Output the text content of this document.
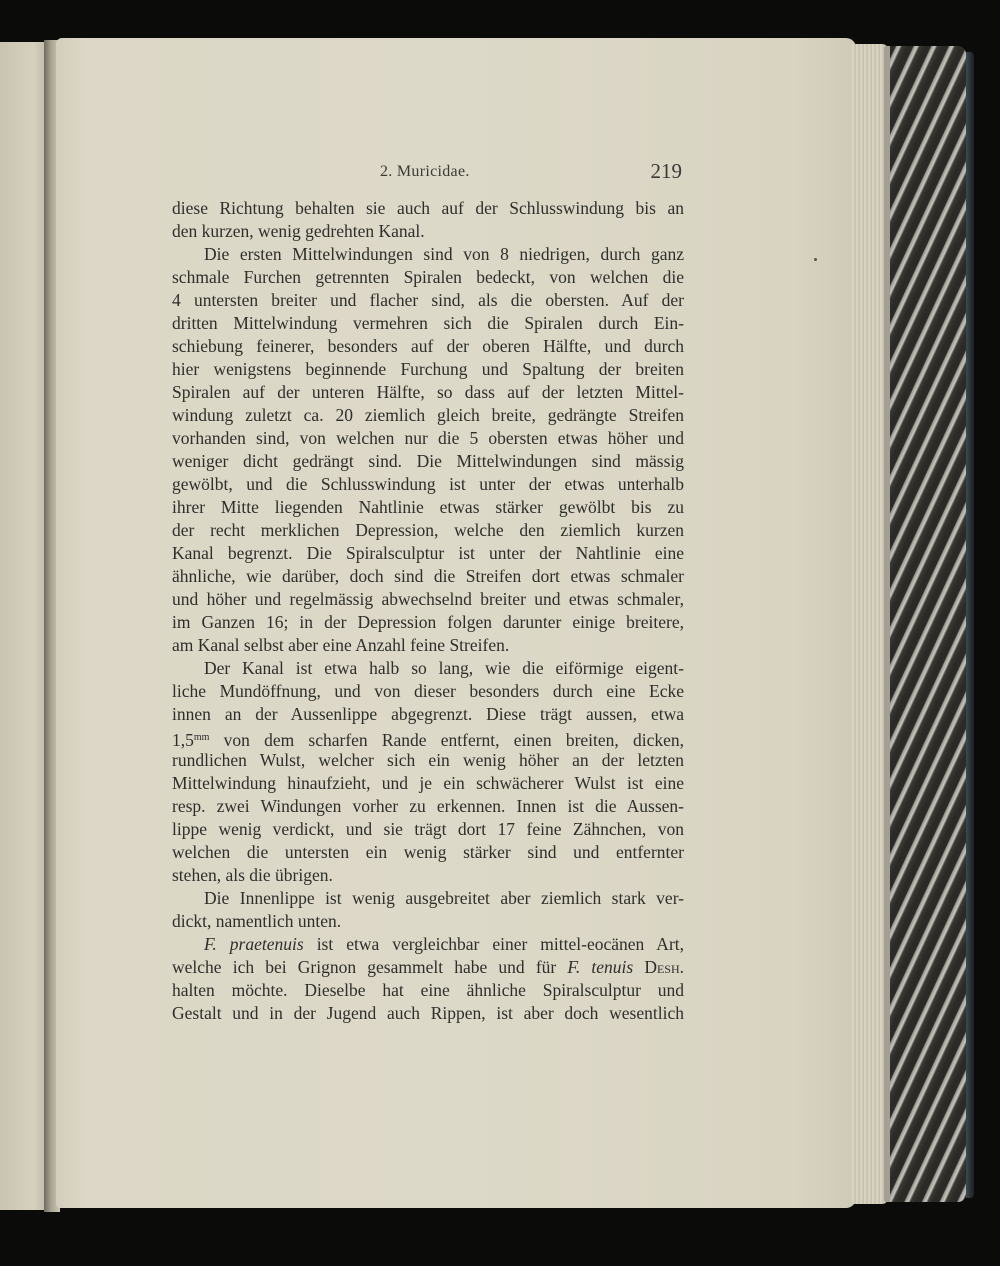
2. Muricidae.	219
diese Richtung behalten sie auch auf der Schlusswindung bis an
den kurzen, wenig gedrehten Kanal.
Die ersten Mittelwindungen sind von 8 niedrigen, durch ganz
schmale Furchen getrennten Spiralen bedeckt, von welchen die
4 untersten breiter und flacher sind, als die obersten. Auf der
dritten Mittelwindung vermehren sich die Spiralen durch Ein-
schiebung feinerer, besonders auf der oberen Hälfte, und durch
hier wenigstens beginnende Furchung und Spaltung der breiten
Spiralen auf der unteren Hälfte, so dass auf der letzten Mittel-
windung zuletzt ca. 20 ziemlich gleich breite, gedrängte Streifen
vorhanden sind, von welchen nur die 5 obersten etwas höher und
weniger dicht gedrängt sind. Die Mittelwindungen sind mässig
gewölbt, und die Schlusswindung ist unter der etwas unterhalb
ihrer Mitte liegenden Nahtlinie etwas stärker gewölbt bis zu
der recht merklichen Depression, welche den ziemlich kurzen
Kanal begrenzt. Die Spiralsculptur ist unter der Nahtlinie eine
ähnliche, wie darüber, doch sind die Streifen dort etwas schmaler
und höher und regelmässig abwechselnd breiter und etwas schmaler,
im Ganzen 16; in der Depression folgen darunter einige breitere,
am Kanal selbst aber eine Anzahl feine Streifen.
Der Kanal ist etwa halb so lang, wie die eiförmige eigent-
liche Mundöffnung, und von dieser besonders durch eine Ecke
innen an der Aussenlippe abgegrenzt. Diese trägt aussen, etwa
$1,5^{mm}$ von dem scharfen Rande entfernt, einen breiten, dicken,
rundlichen Wulst, welcher sich ein wenig höher an der letzten
Mittelwindung hinaufzieht, und je ein schwächerer Wulst ist eine
resp. zwei Windungen vorher zu erkennen. Innen ist die Aussen-
lippe wenig verdickt, und sie trägt dort 17 feine Zähnchen, von
welchen die untersten ein wenig stärker sind und entfernter
stehen, als die übrigen.
Die Innenlippe ist wenig ausgebreitet aber ziemlich stark ver-
dickt, namentlich unten.
F. praetenuis ist etwa vergleichbar einer mittel-eocänen Art,
welche ich bei Grignon gesammelt habe und für F. tenuis Desh.
halten möchte. Dieselbe hat eine ähnliche Spiralsculptur und
Gestalt und in der Jugend auch Rippen, ist aber doch wesentlich
